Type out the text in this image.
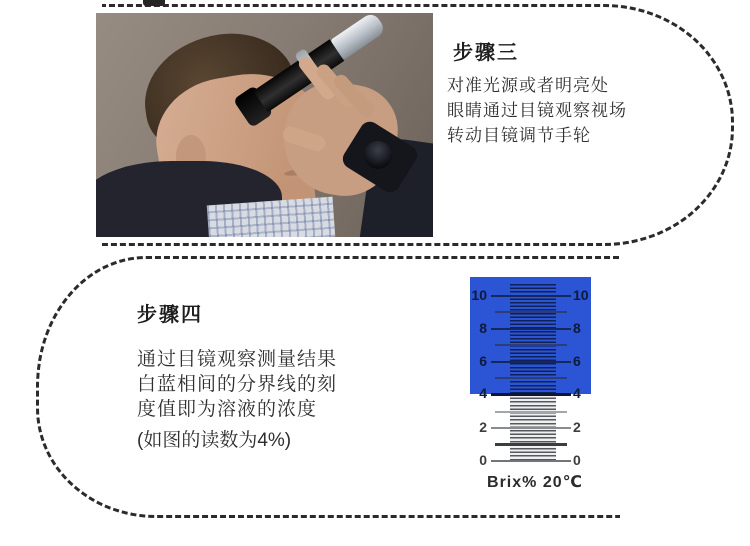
步骤三
对准光源或者明亮处
眼睛通过目镜观察视场
转动目镜调节手轮
步骤四
通过目镜观察测量结果
白蓝相间的分界线的刻
度值即为溶液的浓度
(如图的读数为4%)
10	10
8	8
6	6
4	4
2	2
0	0
Brix% 20℃
